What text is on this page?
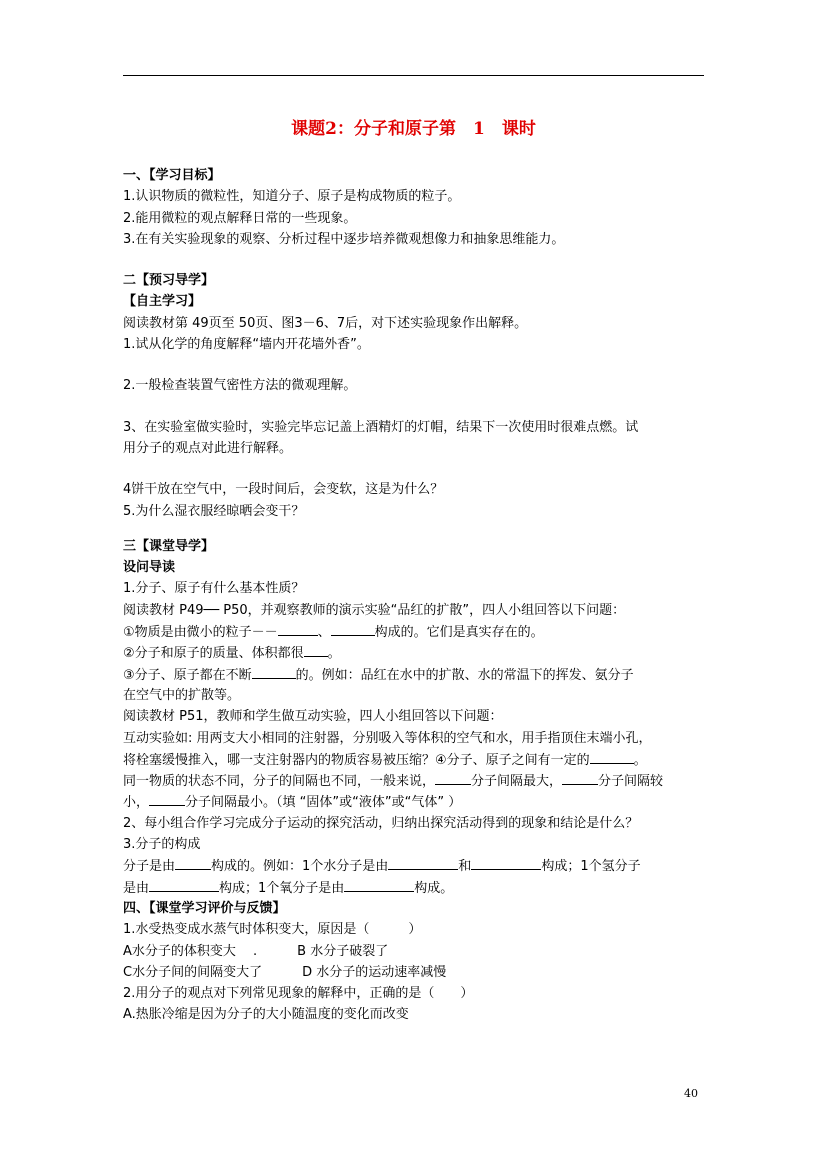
课题2：分子和原子第　1　课时
一、【学习目标】
1.认识物质的微粒性，知道分子、原子是构成物质的粒子。
2.能用微粒的观点解释日常的一些现象。
3.在有关实验现象的观察、分析过程中逐步培养微观想像力和抽象思维能力。
二【预习导学】
【自主学习】
阅读教材第 49页至 50页、图3－6、7后，对下述实验现象作出解释。
1.试从化学的角度解释“墙内开花墙外香”。
2.一般检查装置气密性方法的微观理解。
3、在实验室做实验时，实验完毕忘记盖上酒精灯的灯帽，结果下一次使用时很难点燃。试
用分子的观点对此进行解释。
4饼干放在空气中，一段时间后，会变软，这是为什么？
5.为什么湿衣服经晾晒会变干？
三【课堂导学】
设问导读
1.分子、原子有什么基本性质？
阅读教材 P49── P50，并观察教师的演示实验“品红的扩散”，四人小组回答以下问题：
①物质是由微小的粒子－－	、	构成的。它们是真实存在的。
②分子和原子的质量、体积都很 。
③分子、原子都在不断	的。例如：品红在水中的扩散、水的常温下的挥发、氨分子
在空气中的扩散等。
阅读教材 P51，教师和学生做互动实验，四人小组回答以下问题：
互动实验如: 用两支大小相同的注射器，分别吸入等体积的空气和水，用手指顶住末端小孔，
将栓塞缓慢推入，哪一支注射器内的物质容易被压缩？④分子、原子之间有一定的	。
同一物质的状态不同，分子的间隔也不同，一般来说，	分子间隔最大，	分子间隔较
小，	分子间隔最小。（填 “固体”或“液体”或“气体” ）
2、每小组合作学习完成分子运动的探究活动，归纳出探究活动得到的现象和结论是什么？
3.分子的构成
分子是由	构成的。例如：1个水分子是由	和	构成；1个氢分子
是由	构成；1个氧分子是由	构成。
四、【课堂学习评价与反馈】
1.水受热变成水蒸气时体积变大，原因是（　　　）
A水分子的体积变大 　.	B 水分子破裂了
C水分子间的间隔变大了	D 水分子的运动速率减慢
2.用分子的观点对下列常见现象的解释中，正确的是（　　）
A.热胀冷缩是因为分子的大小随温度的变化而改变
40
